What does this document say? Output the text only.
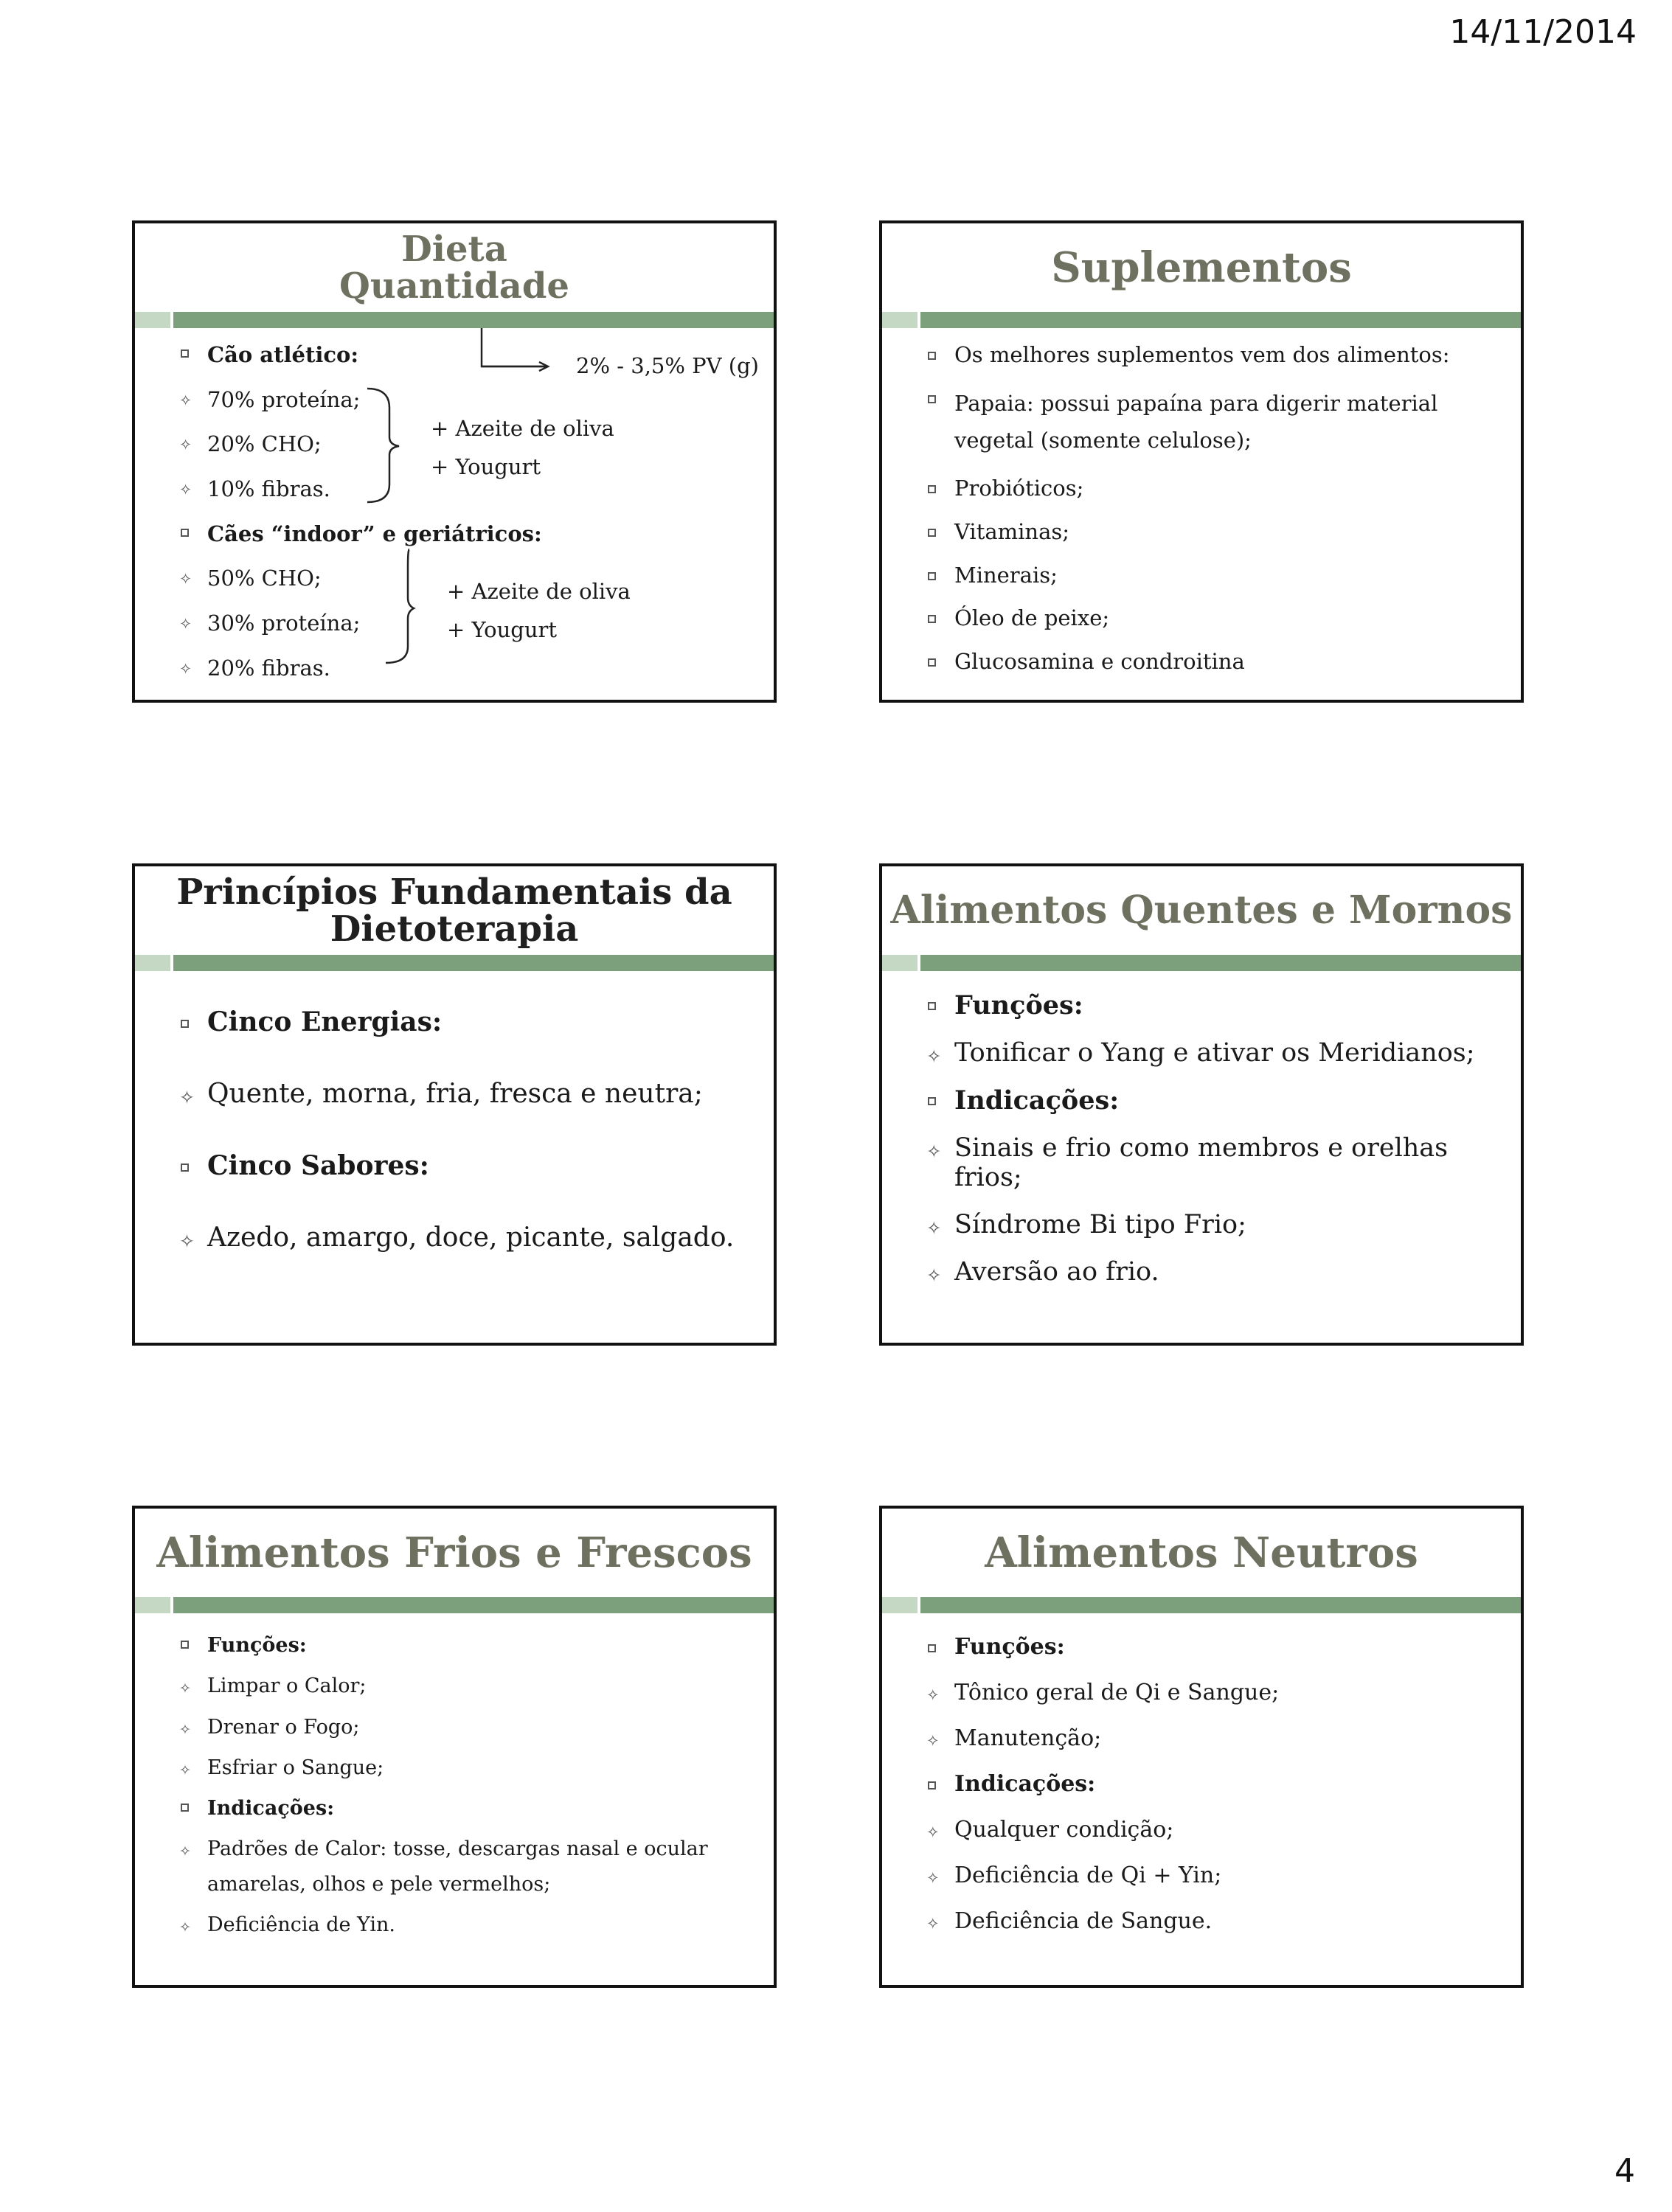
14/11/2014
Dieta
Quantidade
Cão atlético:
✧ 70% proteína;
✧ 20% CHO;
✧ 10% fibras.
Cães “indoor” e geriátricos:
✧ 50% CHO;
✧ 30% proteína;
✧ 20% fibras.
2% - 3,5% PV (g)
+ Azeite de oliva
+ Yougurt
+ Azeite de oliva
+ Yougurt
Suplementos
Os melhores suplementos vem dos alimentos:
Papaia: possui papaína para digerir material vegetal (somente celulose);
Probióticos;
Vitaminas;
Minerais;
Óleo de peixe;
Glucosamina e condroitina
Princípios Fundamentais da
Dietoterapia
Cinco Energias:
✧ Quente, morna, fria, fresca e neutra;
Cinco Sabores:
✧ Azedo, amargo, doce, picante, salgado.
Alimentos Quentes e Mornos
Funções:
✧ Tonificar o Yang e ativar os Meridianos;
Indicações:
✧ Sinais e frio como membros e orelhas frios;
✧ Síndrome Bi tipo Frio;
✧ Aversão ao frio.
Alimentos Frios e Frescos
Funções:
✧ Limpar o Calor;
✧ Drenar o Fogo;
✧ Esfriar o Sangue;
Indicações:
✧ Padrões de Calor: tosse, descargas nasal e ocular amarelas, olhos e pele vermelhos;
✧ Deficiência de Yin.
Alimentos Neutros
Funções:
✧ Tônico geral de Qi e Sangue;
✧ Manutenção;
Indicações:
✧ Qualquer condição;
✧ Deficiência de Qi + Yin;
✧ Deficiência de Sangue.
4
